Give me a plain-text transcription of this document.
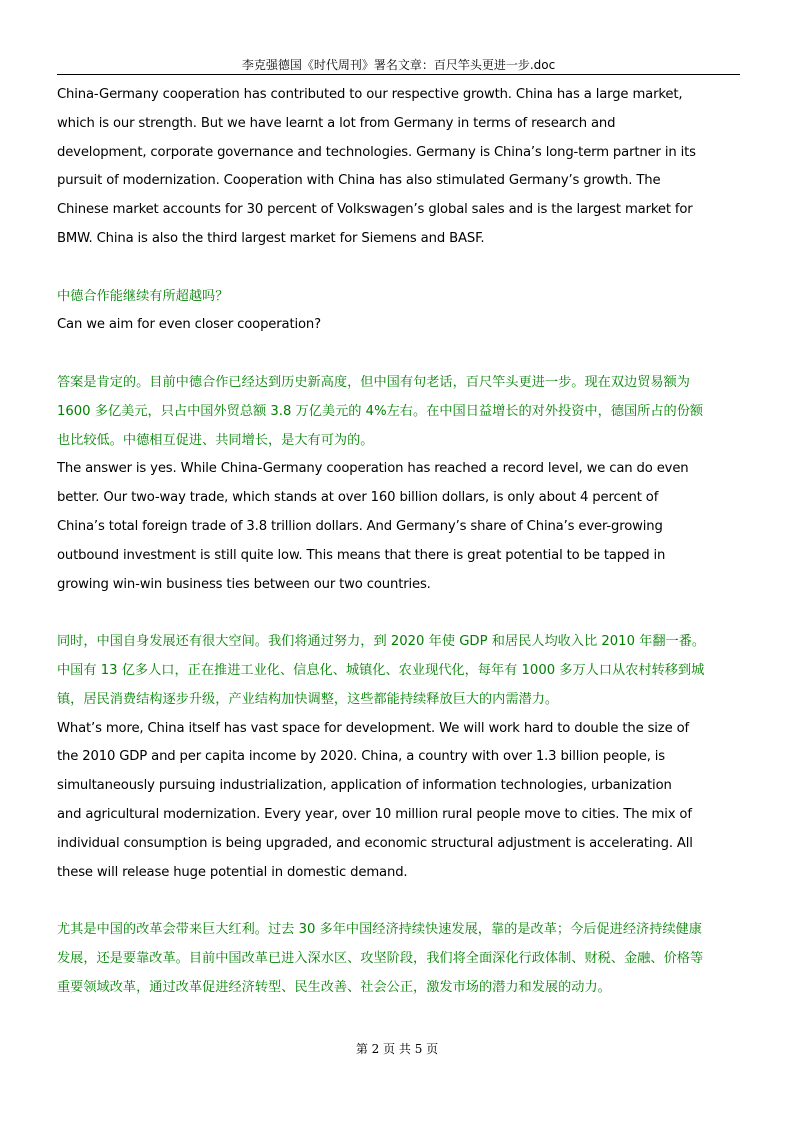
李克强德国《时代周刊》署名文章：百尺竿头更进一步.doc

China-Germany cooperation has contributed to our respective growth. China has a large market,

which is our strength. But we have learnt a lot from Germany in terms of research and

development, corporate governance and technologies. Germany is China’s long-term partner in its

pursuit of modernization. Cooperation with China has also stimulated Germany’s growth. The

Chinese market accounts for 30 percent of Volkswagen’s global sales and is the largest market for

BMW. China is also the third largest market for Siemens and BASF.

中德合作能继续有所超越吗？

Can we aim for even closer cooperation?

答案是肯定的。目前中德合作已经达到历史新高度，但中国有句老话，百尺竿头更进一步。现在双边贸易额为

1600 多亿美元，只占中国外贸总额 3.8 万亿美元的 4%左右。在中国日益增长的对外投资中，德国所占的份额

也比较低。中德相互促进、共同增长，是大有可为的。

The answer is yes. While China-Germany cooperation has reached a record level, we can do even

better. Our two-way trade, which stands at over 160 billion dollars, is only about 4 percent of

China’s total foreign trade of 3.8 trillion dollars. And Germany’s share of China’s ever-growing

outbound investment is still quite low. This means that there is great potential to be tapped in

growing win-win business ties between our two countries.

同时，中国自身发展还有很大空间。我们将通过努力，到 2020 年使 GDP 和居民人均收入比 2010 年翻一番。

中国有 13 亿多人口，正在推进工业化、信息化、城镇化、农业现代化，每年有 1000 多万人口从农村转移到城

镇，居民消费结构逐步升级，产业结构加快调整，这些都能持续释放巨大的内需潜力。

What’s more, China itself has vast space for development. We will work hard to double the size of

the 2010 GDP and per capita income by 2020. China, a country with over 1.3 billion people, is

simultaneously pursuing industrialization, application of information technologies, urbanization

and agricultural modernization. Every year, over 10 million rural people move to cities. The mix of

individual consumption is being upgraded, and economic structural adjustment is accelerating. All

these will release huge potential in domestic demand.

尤其是中国的改革会带来巨大红利。过去 30 多年中国经济持续快速发展，靠的是改革；今后促进经济持续健康

发展，还是要靠改革。目前中国改革已进入深水区、攻坚阶段，我们将全面深化行政体制、财税、金融、价格等

重要领域改革，通过改革促进经济转型、民生改善、社会公正，激发市场的潜力和发展的动力。

第 2 页 共 5 页
